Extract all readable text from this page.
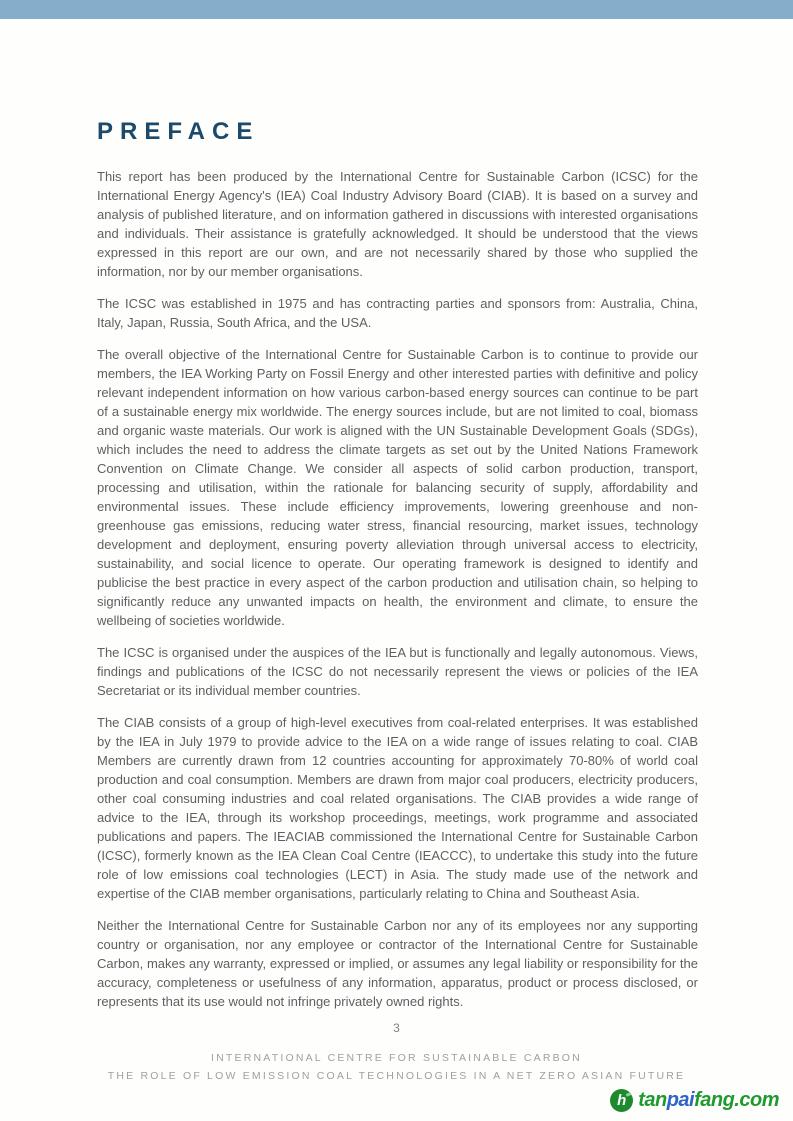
PREFACE

This report has been produced by the International Centre for Sustainable Carbon (ICSC) for the International Energy Agency's (IEA) Coal Industry Advisory Board (CIAB). It is based on a survey and analysis of published literature, and on information gathered in discussions with interested organisations and individuals. Their assistance is gratefully acknowledged. It should be understood that the views expressed in this report are our own, and are not necessarily shared by those who supplied the information, nor by our member organisations.

The ICSC was established in 1975 and has contracting parties and sponsors from: Australia, China, Italy, Japan, Russia, South Africa, and the USA.

The overall objective of the International Centre for Sustainable Carbon is to continue to provide our members, the IEA Working Party on Fossil Energy and other interested parties with definitive and policy relevant independent information on how various carbon-based energy sources can continue to be part of a sustainable energy mix worldwide. The energy sources include, but are not limited to coal, biomass and organic waste materials. Our work is aligned with the UN Sustainable Development Goals (SDGs), which includes the need to address the climate targets as set out by the United Nations Framework Convention on Climate Change. We consider all aspects of solid carbon production, transport, processing and utilisation, within the rationale for balancing security of supply, affordability and environmental issues. These include efficiency improvements, lowering greenhouse and non-greenhouse gas emissions, reducing water stress, financial resourcing, market issues, technology development and deployment, ensuring poverty alleviation through universal access to electricity, sustainability, and social licence to operate. Our operating framework is designed to identify and publicise the best practice in every aspect of the carbon production and utilisation chain, so helping to significantly reduce any unwanted impacts on health, the environment and climate, to ensure the wellbeing of societies worldwide.

The ICSC is organised under the auspices of the IEA but is functionally and legally autonomous. Views, findings and publications of the ICSC do not necessarily represent the views or policies of the IEA Secretariat or its individual member countries.

The CIAB consists of a group of high-level executives from coal-related enterprises. It was established by the IEA in July 1979 to provide advice to the IEA on a wide range of issues relating to coal. CIAB Members are currently drawn from 12 countries accounting for approximately 70-80% of world coal production and coal consumption. Members are drawn from major coal producers, electricity producers, other coal consuming industries and coal related organisations. The CIAB provides a wide range of advice to the IEA, through its workshop proceedings, meetings, work programme and associated publications and papers. The IEACIAB commissioned the International Centre for Sustainable Carbon (ICSC), formerly known as the IEA Clean Coal Centre (IEACCC), to undertake this study into the future role of low emissions coal technologies (LECT) in Asia. The study made use of the network and expertise of the CIAB member organisations, particularly relating to China and Southeast Asia.

Neither the International Centre for Sustainable Carbon nor any of its employees nor any supporting country or organisation, nor any employee or contractor of the International Centre for Sustainable Carbon, makes any warranty, expressed or implied, or assumes any legal liability or responsibility for the accuracy, completeness or usefulness of any information, apparatus, product or process disclosed, or represents that its use would not infringe privately owned rights.

3
INTERNATIONAL CENTRE FOR SUSTAINABLE CARBON
THE ROLE OF LOW EMISSION COAL TECHNOLOGIES IN A NET ZERO ASIAN FUTURE
h tanpaifang.com
